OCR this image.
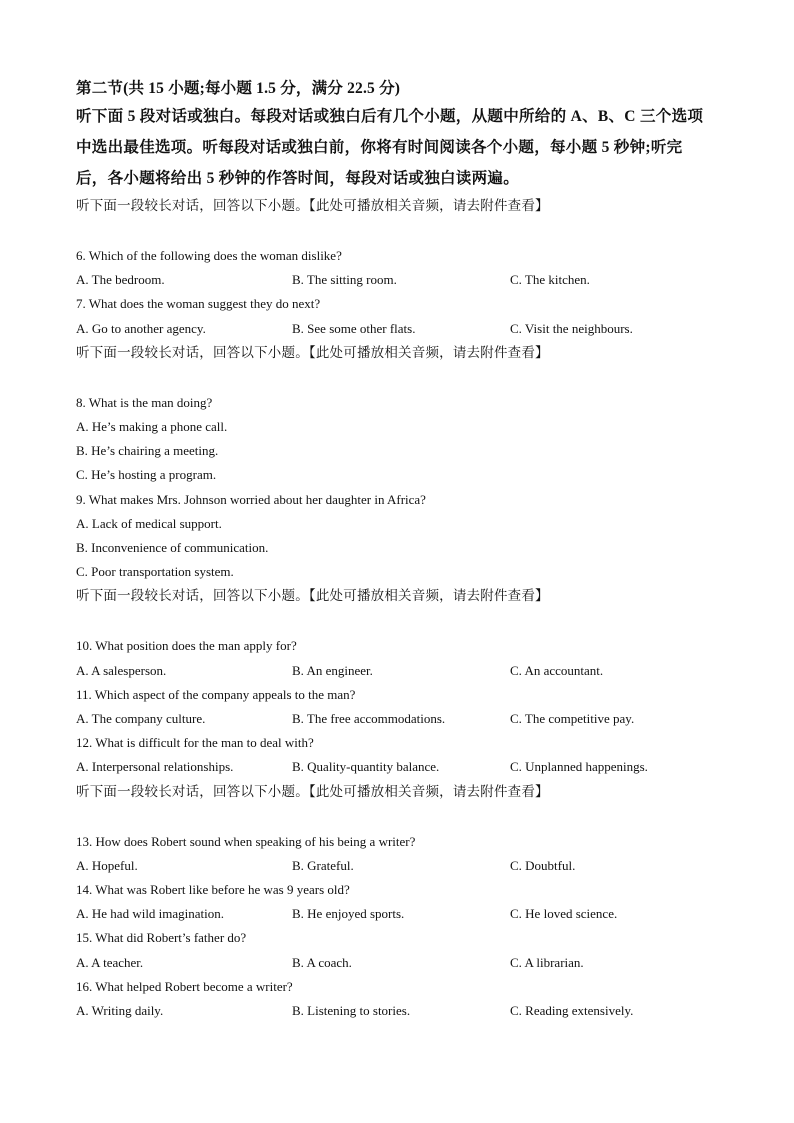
第二节(共 15 小题;每小题 1.5 分，满分 22.5 分)

听下面 5 段对话或独白。每段对话或独白后有几个小题，从题中所给的 A、B、C 三个选项

中选出最佳选项。听每段对话或独白前，你将有时间阅读各个小题，每小题 5 秒钟;听完

后，各小题将给出 5 秒钟的作答时间，每段对话或独白读两遍。

听下面一段较长对话，回答以下小题。【此处可播放相关音频，请去附件查看】

6. Which of the following does the woman dislike?

A. The bedroom.	B. The sitting room.	C. The kitchen.

7. What does the woman suggest they do next?

A. Go to another agency.	B. See some other flats.	C. Visit the neighbours.

听下面一段较长对话，回答以下小题。【此处可播放相关音频，请去附件查看】

8. What is the man doing?

A. He’s making a phone call.

B. He’s chairing a meeting.

C. He’s hosting a program.

9. What makes Mrs. Johnson worried about her daughter in Africa?

A. Lack of medical support.

B. Inconvenience of communication.

C. Poor transportation system.

听下面一段较长对话，回答以下小题。【此处可播放相关音频，请去附件查看】

10. What position does the man apply for?

A. A salesperson.	B. An engineer.	C. An accountant.

11. Which aspect of the company appeals to the man?

A. The company culture.	B. The free accommodations.	C. The competitive pay.

12. What is difficult for the man to deal with?

A. Interpersonal relationships.	B. Quality-quantity balance.	C. Unplanned happenings.

听下面一段较长对话，回答以下小题。【此处可播放相关音频，请去附件查看】

13. How does Robert sound when speaking of his being a writer?

A. Hopeful.	B. Grateful.	C. Doubtful.

14. What was Robert like before he was 9 years old?

A. He had wild imagination.	B. He enjoyed sports.	C. He loved science.

15. What did Robert’s father do?

A. A teacher.	B. A coach.	C. A librarian.

16. What helped Robert become a writer?

A. Writing daily.	B. Listening to stories.	C. Reading extensively.
